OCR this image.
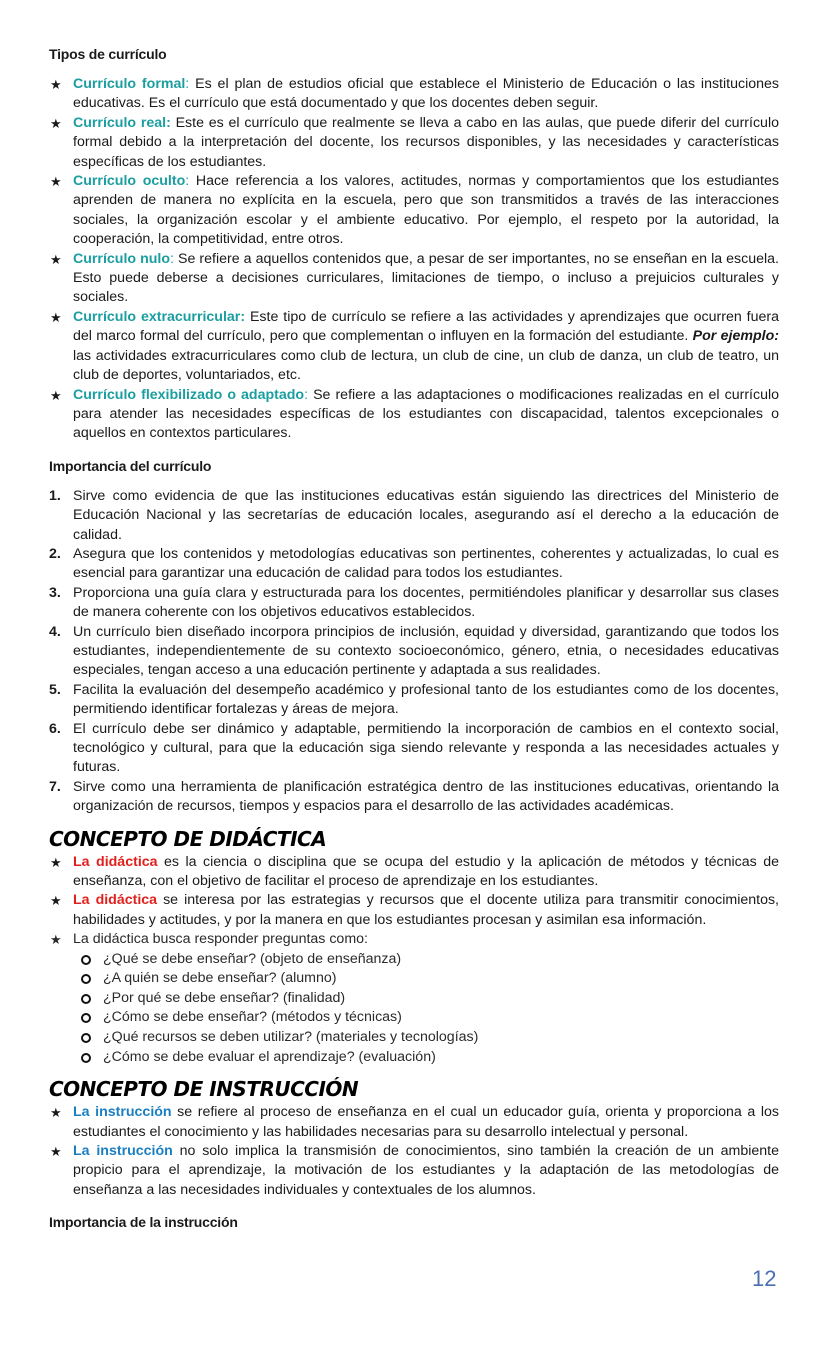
Tipos de currículo
★ Currículo formal: Es el plan de estudios oficial que establece el Ministerio de Educación o las instituciones educativas. Es el currículo que está documentado y que los docentes deben seguir.
★ Currículo real: Este es el currículo que realmente se lleva a cabo en las aulas, que puede diferir del currículo formal debido a la interpretación del docente, los recursos disponibles, y las necesidades y características específicas de los estudiantes.
★ Currículo oculto: Hace referencia a los valores, actitudes, normas y comportamientos que los estudiantes aprenden de manera no explícita en la escuela, pero que son transmitidos a través de las interacciones sociales, la organización escolar y el ambiente educativo. Por ejemplo, el respeto por la autoridad, la cooperación, la competitividad, entre otros.
★ Currículo nulo: Se refiere a aquellos contenidos que, a pesar de ser importantes, no se enseñan en la escuela. Esto puede deberse a decisiones curriculares, limitaciones de tiempo, o incluso a prejuicios culturales y sociales.
★ Currículo extracurricular: Este tipo de currículo se refiere a las actividades y aprendizajes que ocurren fuera del marco formal del currículo, pero que complementan o influyen en la formación del estudiante. Por ejemplo: las actividades extracurriculares como club de lectura, un club de cine, un club de danza, un club de teatro, un club de deportes, voluntariados, etc.
★ Currículo flexibilizado o adaptado: Se refiere a las adaptaciones o modificaciones realizadas en el currículo para atender las necesidades específicas de los estudiantes con discapacidad, talentos excepcionales o aquellos en contextos particulares.
Importancia del currículo
1. Sirve como evidencia de que las instituciones educativas están siguiendo las directrices del Ministerio de Educación Nacional y las secretarías de educación locales, asegurando así el derecho a la educación de calidad.
2. Asegura que los contenidos y metodologías educativas son pertinentes, coherentes y actualizadas, lo cual es esencial para garantizar una educación de calidad para todos los estudiantes.
3. Proporciona una guía clara y estructurada para los docentes, permitiéndoles planificar y desarrollar sus clases de manera coherente con los objetivos educativos establecidos.
4. Un currículo bien diseñado incorpora principios de inclusión, equidad y diversidad, garantizando que todos los estudiantes, independientemente de su contexto socioeconómico, género, etnia, o necesidades educativas especiales, tengan acceso a una educación pertinente y adaptada a sus realidades.
5. Facilita la evaluación del desempeño académico y profesional tanto de los estudiantes como de los docentes, permitiendo identificar fortalezas y áreas de mejora.
6. El currículo debe ser dinámico y adaptable, permitiendo la incorporación de cambios en el contexto social, tecnológico y cultural, para que la educación siga siendo relevante y responda a las necesidades actuales y futuras.
7. Sirve como una herramienta de planificación estratégica dentro de las instituciones educativas, orientando la organización de recursos, tiempos y espacios para el desarrollo de las actividades académicas.
CONCEPTO DE DIDÁCTICA
★ La didáctica es la ciencia o disciplina que se ocupa del estudio y la aplicación de métodos y técnicas de enseñanza, con el objetivo de facilitar el proceso de aprendizaje en los estudiantes.
★ La didáctica se interesa por las estrategias y recursos que el docente utiliza para transmitir conocimientos, habilidades y actitudes, y por la manera en que los estudiantes procesan y asimilan esa información.
★ La didáctica busca responder preguntas como:
¿Qué se debe enseñar? (objeto de enseñanza)
¿A quién se debe enseñar? (alumno)
¿Por qué se debe enseñar? (finalidad)
¿Cómo se debe enseñar? (métodos y técnicas)
¿Qué recursos se deben utilizar? (materiales y tecnologías)
¿Cómo se debe evaluar el aprendizaje? (evaluación)
CONCEPTO DE INSTRUCCIÓN
★ La instrucción se refiere al proceso de enseñanza en el cual un educador guía, orienta y proporciona a los estudiantes el conocimiento y las habilidades necesarias para su desarrollo intelectual y personal.
★ La instrucción no solo implica la transmisión de conocimientos, sino también la creación de un ambiente propicio para el aprendizaje, la motivación de los estudiantes y la adaptación de las metodologías de enseñanza a las necesidades individuales y contextuales de los alumnos.
Importancia de la instrucción
12
